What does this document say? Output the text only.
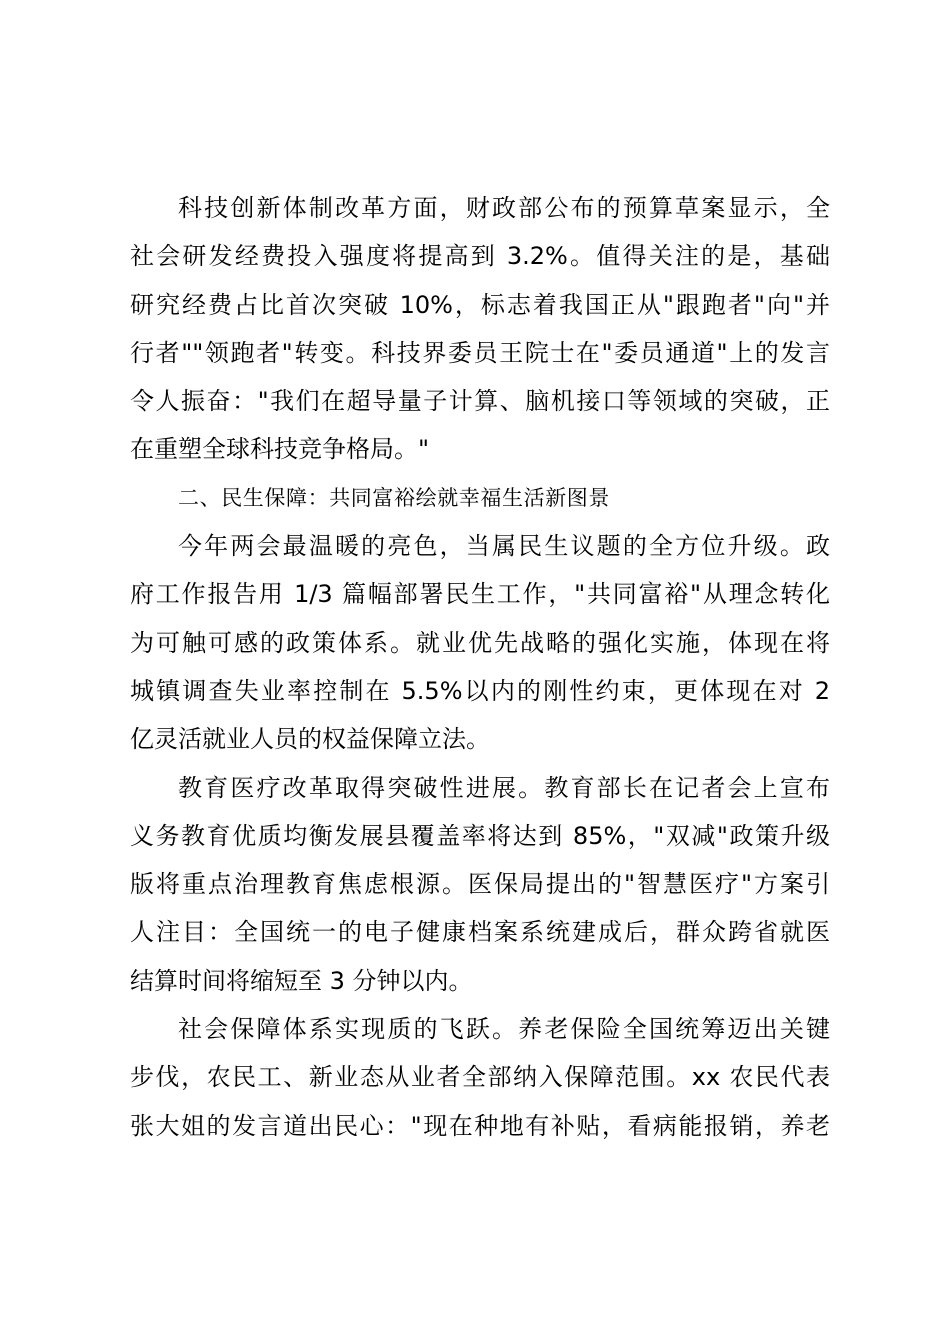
科技创新体制改革方面，财政部公布的预算草案显示，全
社会研发经费投入强度将提高到 3.2%。值得关注的是，基础
研究经费占比首次突破 10%，标志着我国正从"跟跑者"向"并
行者""领跑者"转变。科技界委员王院士在"委员通道"上的发言
令人振奋："我们在超导量子计算、脑机接口等领域的突破，正
在重塑全球科技竞争格局。"
二、民生保障：共同富裕绘就幸福生活新图景
今年两会最温暖的亮色，当属民生议题的全方位升级。政
府工作报告用 1/3 篇幅部署民生工作，"共同富裕"从理念转化
为可触可感的政策体系。就业优先战略的强化实施，体现在将
城镇调查失业率控制在 5.5%以内的刚性约束，更体现在对 2
亿灵活就业人员的权益保障立法。
教育医疗改革取得突破性进展。教育部长在记者会上宣布
义务教育优质均衡发展县覆盖率将达到 85%，"双减"政策升级
版将重点治理教育焦虑根源。医保局提出的"智慧医疗"方案引
人注目：全国统一的电子健康档案系统建成后，群众跨省就医
结算时间将缩短至 3 分钟以内。
社会保障体系实现质的飞跃。养老保险全国统筹迈出关键
步伐，农民工、新业态从业者全部纳入保障范围。xx 农民代表
张大姐的发言道出民心："现在种地有补贴，看病能报销，养老
